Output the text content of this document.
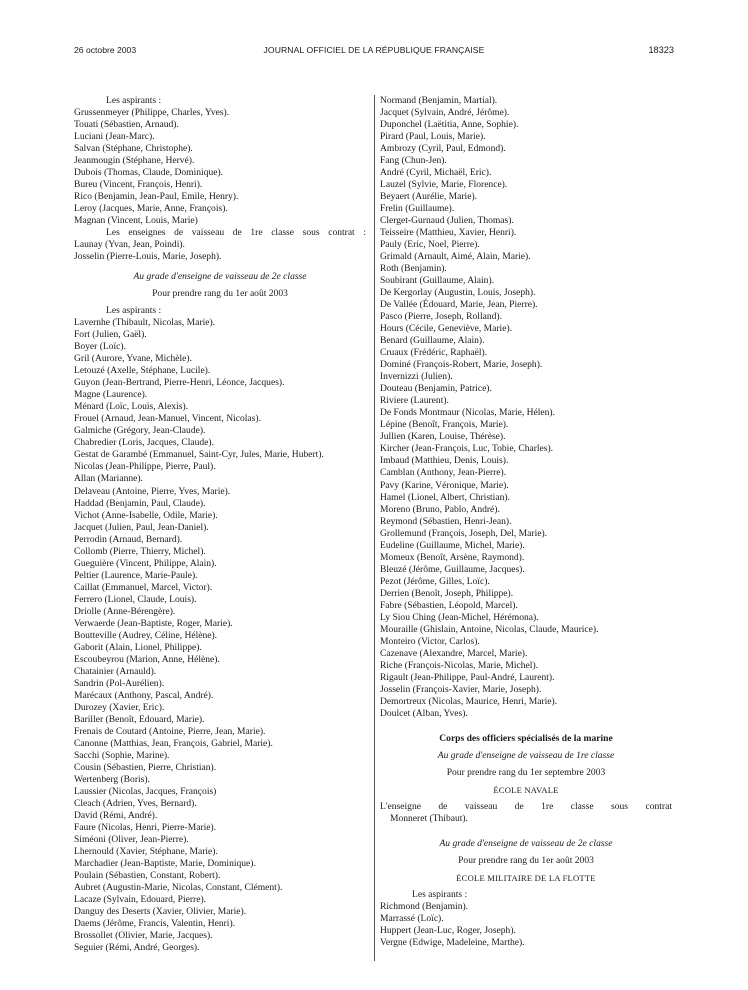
26 octobre 2003	JOURNAL OFFICIEL DE LA RÉPUBLIQUE FRANÇAISE	18323
Les aspirants :
Grussenmeyer (Philippe, Charles, Yves).
Touati (Sébastien, Arnaud).
Luciani (Jean-Marc).
Salvan (Stéphane, Christophe).
Jeanmougin (Stéphane, Hervé).
Dubois (Thomas, Claude, Dominique).
Bureu (Vincent, François, Henri).
Rico (Benjamin, Jean-Paul, Emile, Henry).
Leroy (Jacques, Marie, Anne, François).
Magnan (Vincent, Louis, Marie)
Les enseignes de vaisseau de 1re classe sous contrat :
Launay (Yvan, Jean, Poindi).
Josselin (Pierre-Louis, Marie, Joseph).
Au grade d'enseigne de vaisseau de 2e classe
Pour prendre rang du 1er août 2003
Les aspirants :
Lavernhe (Thibault, Nicolas, Marie).
Fort (Julien, Gaël).
Boyer (Loïc).
Gril (Aurore, Yvane, Michèle).
Letouzé (Axelle, Stéphane, Lucile).
Guyon (Jean-Bertrand, Pierre-Henri, Léonce, Jacques).
Magne (Laurence).
Ménard (Loïc, Louis, Alexis).
Frouel (Arnaud, Jean-Manuel, Vincent, Nicolas).
Galmiche (Grégory, Jean-Claude).
Chabredier (Loris, Jacques, Claude).
Gestat de Garambé (Emmanuel, Saint-Cyr, Jules, Marie, Hubert).
Nicolas (Jean-Philippe, Pierre, Paul).
Allan (Marianne).
Delaveau (Antoine, Pierre, Yves, Marie).
Haddad (Benjamin, Paul, Claude).
Vichot (Anne-Isabelle, Odile, Marie).
Jacquet (Julien, Paul, Jean-Daniel).
Perrodin (Arnaud, Bernard).
Collomb (Pierre, Thierry, Michel).
Gueguière (Vincent, Philippe, Alain).
Peltier (Laurence, Marie-Paule).
Caillat (Emmanuel, Marcel, Victor).
Ferrero (Lionel, Claude, Louis).
Driolle (Anne-Bérengère).
Verwaerde (Jean-Baptiste, Roger, Marie).
Boutteville (Audrey, Céline, Hélène).
Gaborit (Alain, Lionel, Philippe).
Escoubeyrou (Marion, Anne, Hélène).
Chatainier (Arnauld).
Sandrin (Pol-Aurélien).
Marécaux (Anthony, Pascal, André).
Durozey (Xavier, Eric).
Bariller (Benoît, Edouard, Marie).
Frenais de Coutard (Antoine, Pierre, Jean, Marie).
Canonne (Matthias, Jean, François, Gabriel, Marie).
Sacchi (Sophie, Marine).
Cousin (Sébastien, Pierre, Christian).
Wertenberg (Boris).
Laussier (Nicolas, Jacques, François)
Cleach (Adrien, Yves, Bernard).
David (Rémi, André).
Faure (Nicolas, Henri, Pierre-Marie).
Siméoni (Oliver, Jean-Pierre).
Lhernould (Xavier, Stéphane, Marie).
Marchadier (Jean-Baptiste, Marie, Dominique).
Poulain (Sébastien, Constant, Robert).
Aubret (Augustin-Marie, Nicolas, Constant, Clément).
Lacaze (Sylvain, Edouard, Pierre).
Danguy des Deserts (Xavier, Olivier, Marie).
Daems (Jérôme, Francis, Valentin, Henri).
Brossollet (Olivier, Marie, Jacques).
Seguier (Rémi, André, Georges).
Normand (Benjamin, Martial).
Jacquet (Sylvain, André, Jérôme).
Duponchel (Laëtitia, Anne, Sophie).
Pirard (Paul, Louis, Marie).
Ambrozy (Cyril, Paul, Edmond).
Fang (Chun-Jen).
André (Cyril, Michaël, Eric).
Lauzel (Sylvie, Marie, Florence).
Beyaert (Aurélie, Marie).
Frelin (Guillaume).
Clerget-Gurnaud (Julien, Thomas).
Teisseire (Matthieu, Xavier, Henri).
Pauly (Eric, Noel, Pierre).
Grimald (Arnault, Aimé, Alain, Marie).
Roth (Benjamin).
Soubirant (Guillaume, Alain).
De Kergorlay (Augustin, Louis, Joseph).
De Vallée (Édouard, Marie, Jean, Pierre).
Pasco (Pierre, Joseph, Rolland).
Hours (Cécile, Geneviève, Marie).
Benard (Guillaume, Alain).
Cruaux (Frédéric, Raphaël).
Dominé (François-Robert, Marie, Joseph).
Invernizzi (Julien).
Douteau (Benjamin, Patrice).
Riviere (Laurent).
De Fonds Montmaur (Nicolas, Marie, Hélen).
Lépine (Benoît, François, Marie).
Jullien (Karen, Louise, Thérèse).
Kircher (Jean-François, Luc, Tobie, Charles).
Imbaud (Matthieu, Denis, Louis).
Camblan (Anthony, Jean-Pierre).
Pavy (Karine, Véronique, Marie).
Hamel (Lionel, Albert, Christian).
Moreno (Bruno, Pablo, André).
Reymond (Sébastien, Henri-Jean).
Grollemund (François, Joseph, Del, Marie).
Eudeline (Guillaume, Michel, Marie).
Momeux (Benoît, Arsène, Raymond).
Bleuzé (Jérôme, Guillaume, Jacques).
Pezot (Jérôme, Gilles, Loïc).
Derrien (Benoît, Joseph, Philippe).
Fabre (Sébastien, Léopold, Marcel).
Ly Siou Ching (Jean-Michel, Hérémona).
Mouraille (Ghislain, Antoine, Nicolas, Claude, Maurice).
Monteiro (Victor, Carlos).
Cazenave (Alexandre, Marcel, Marie).
Riche (François-Nicolas, Marie, Michel).
Rigault (Jean-Philippe, Paul-André, Laurent).
Josselin (François-Xavier, Marie, Joseph).
Demortreux (Nicolas, Maurice, Henri, Marie).
Doulcet (Alban, Yves).
Corps des officiers spécialisés de la marine
Au grade d'enseigne de vaisseau de 1re classe
Pour prendre rang du 1er septembre 2003
ÉCOLE NAVALE
L'enseigne de vaisseau de 1re classe sous contrat
Monneret (Thibaut).
Au grade d'enseigne de vaisseau de 2e classe
Pour prendre rang du 1er août 2003
ÉCOLE MILITAIRE DE LA FLOTTE
Les aspirants :
Richmond (Benjamin).
Marrassé (Loïc).
Huppert (Jean-Luc, Roger, Joseph).
Vergne (Edwige, Madeleine, Marthe).
